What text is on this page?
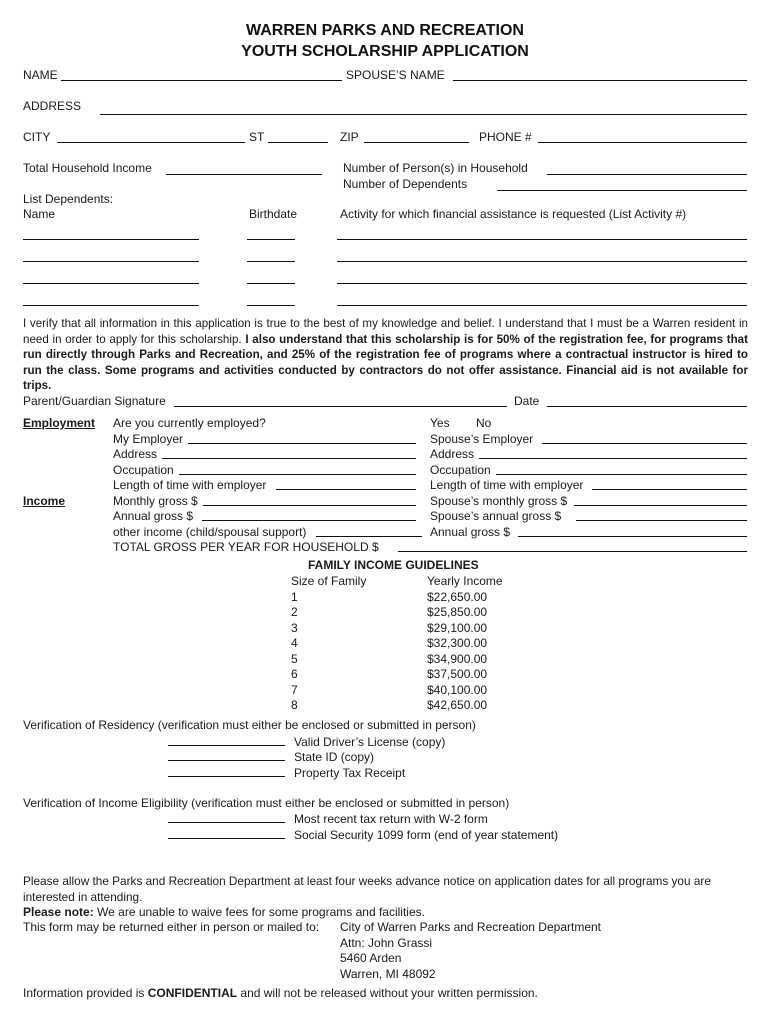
WARREN PARKS AND RECREATION
YOUTH SCHOLARSHIP APPLICATION
NAME	SPOUSE’S NAME
ADDRESS
CITY	ST	ZIP	PHONE #
Total Household Income	Number of Person(s) in Household
Number of Dependents
List Dependents:
Name	Birthdate	Activity for which financial assistance is requested (List Activity #)
I verify that all information in this application is true to the best of my knowledge and belief. I understand that I must be a Warren resident in need in order to apply for this scholarship. I also understand that this scholarship is for 50% of the registration fee, for programs that run directly through Parks and Recreation, and 25% of the registration fee of programs where a contractual instructor is hired to run the class. Some programs and activities conducted by contractors do not offer assistance. Financial aid is not available for trips.
Parent/Guardian Signature	Date
Employment Are you currently employed?	Yes No
My Employer	Spouse’s Employer
Address	Address
Occupation	Occupation
Length of time with employer	Length of time with employer
Income	Monthly gross $	Spouse’s monthly gross $
Annual gross $	Spouse’s annual gross $
other income (child/spousal support)	Annual gross $
TOTAL GROSS PER YEAR FOR HOUSEHOLD $
FAMILY INCOME GUIDELINES
Size of Family	Yearly Income
1	$22,650.00
2	$25,850.00
3	$29,100.00
4	$32,300.00
5	$34,900.00
6	$37,500.00
7	$40,100.00
8	$42,650.00
Verification of Residency (verification must either be enclosed or submitted in person)
Valid Driver’s License (copy)
State ID (copy)
Property Tax Receipt
Verification of Income Eligibility (verification must either be enclosed or submitted in person)
Most recent tax return with W-2 form
Social Security 1099 form (end of year statement)
Please allow the Parks and Recreation Department at least four weeks advance notice on application dates for all programs you are interested in attending.
Please note: We are unable to waive fees for some programs and facilities.
This form may be returned either in person or mailed to: City of Warren Parks and Recreation Department
Attn: John Grassi
5460 Arden
Warren, MI 48092
Information provided is CONFIDENTIAL and will not be released without your written permission.
